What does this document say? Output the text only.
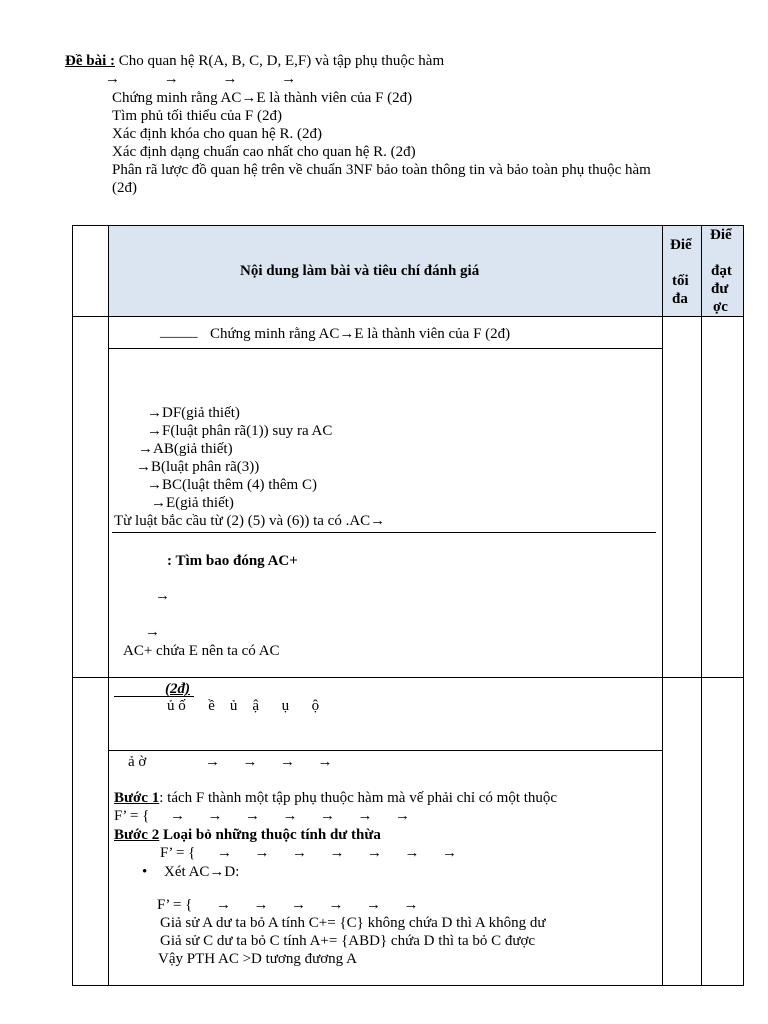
Đề bài : Cho quan hệ R(A, B, C, D, E,F) và tập phụ thuộc hàm
→ → → →
Chứng minh rằng AC→E là thành viên của F (2đ)
Tìm phủ tối thiểu của F (2đ)
Xác định khóa cho quan hệ R. (2đ)
Xác định dạng chuẩn cao nhất cho quan hệ R. (2đ)
Phân rã lược đồ quan hệ trên về chuẩn 3NF bảo toàn thông tin và bảo toàn phụ thuộc hàm
(2đ)
Nội dung làm bài và tiêu chí đánh giá
Điể
tối
đa
Điể
đạt
đư
ợc
_____ Chứng minh rằng AC→E là thành viên của F (2đ)
→DF(giả thiết)
→F(luật phân rã(1)) suy ra AC
→AB(giả thiết)
→B(luật phân rã(3))
→BC(luật thêm (4) thêm C)
→E(giả thiết)
Từ luật bắc cầu từ (2) (5) và (6)) ta có .AC→
: Tìm bao đóng AC+
→
→
AC+ chứa E nên ta có AC
(2đ)
ủ ố      ề    ủ    ậ      ụ      ộ
ả ờ	→      →      →      →
Bước 1: tách F thành một tập phụ thuộc hàm mà vế phải chỉ có một thuộc
F’ = { →      →      →      →      →      →      →
Bước 2 Loại bỏ những thuộc tính dư thừa
F’ = { →      →      →      →      →      →      →
• Xét AC→D:
F’ = { →      →      →      →      →      →
Giả sử A dư ta bỏ A tính C+= {C} không chứa D thì A không dư
Giả sử C dư ta bỏ C tính A+= {ABD} chứa D thì ta bỏ C được
Vậy PTH AC >D tương đương A
